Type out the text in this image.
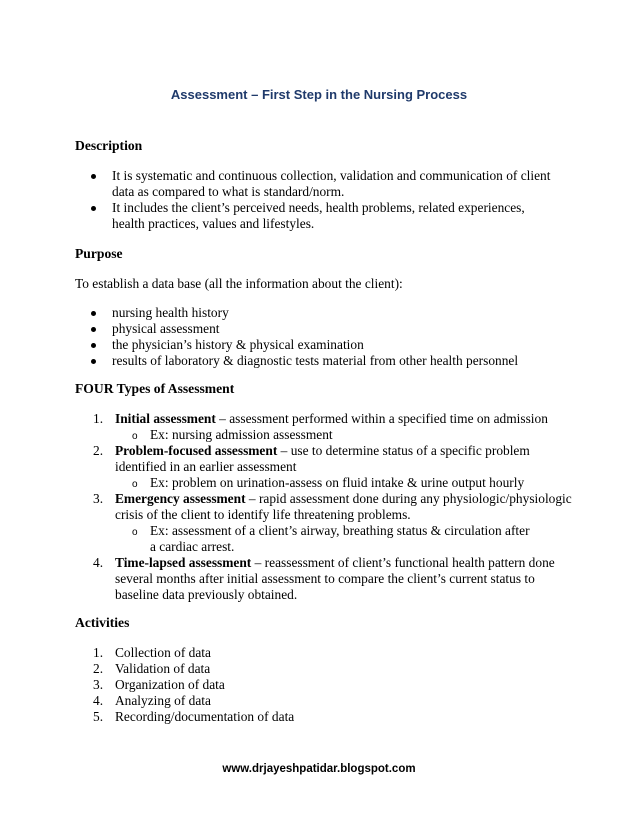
Assessment – First Step in the Nursing Process
Description
It is systematic and continuous collection, validation and communication of client data as compared to what is standard/norm.
It includes the client’s perceived needs, health problems, related experiences, health practices, values and lifestyles.
Purpose
To establish a data base (all the information about the client):
nursing health history
physical assessment
the physician’s history & physical examination
results of laboratory & diagnostic tests material from other health personnel
FOUR Types of Assessment
1. Initial assessment – assessment performed within a specified time on admission
o Ex: nursing admission assessment
2. Problem-focused assessment – use to determine status of a specific problem identified in an earlier assessment
o Ex: problem on urination-assess on fluid intake & urine output hourly
3. Emergency assessment – rapid assessment done during any physiologic/physiologic crisis of the client to identify life threatening problems.
o Ex: assessment of a client’s airway, breathing status & circulation after a cardiac arrest.
4. Time-lapsed assessment – reassessment of client’s functional health pattern done several months after initial assessment to compare the client’s current status to baseline data previously obtained.
Activities
1. Collection of data
2. Validation of data
3. Organization of data
4. Analyzing of data
5. Recording/documentation of data
www.drjayeshpatidar.blogspot.com
